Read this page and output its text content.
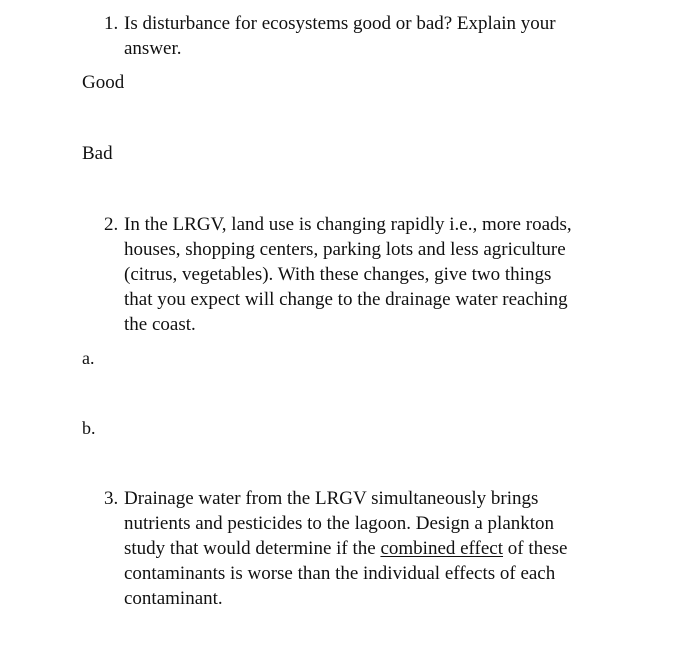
1. Is disturbance for ecosystems good or bad? Explain your
answer.
Good
Bad
2. In the LRGV, land use is changing rapidly i.e., more roads,
houses, shopping centers, parking lots and less agriculture
(citrus, vegetables). With these changes, give two things
that you expect will change to the drainage water reaching
the coast.
a.
b.
3. Drainage water from the LRGV simultaneously brings
nutrients and pesticides to the lagoon. Design a plankton
study that would determine if the combined effect of these
contaminants is worse than the individual effects of each
contaminant.
